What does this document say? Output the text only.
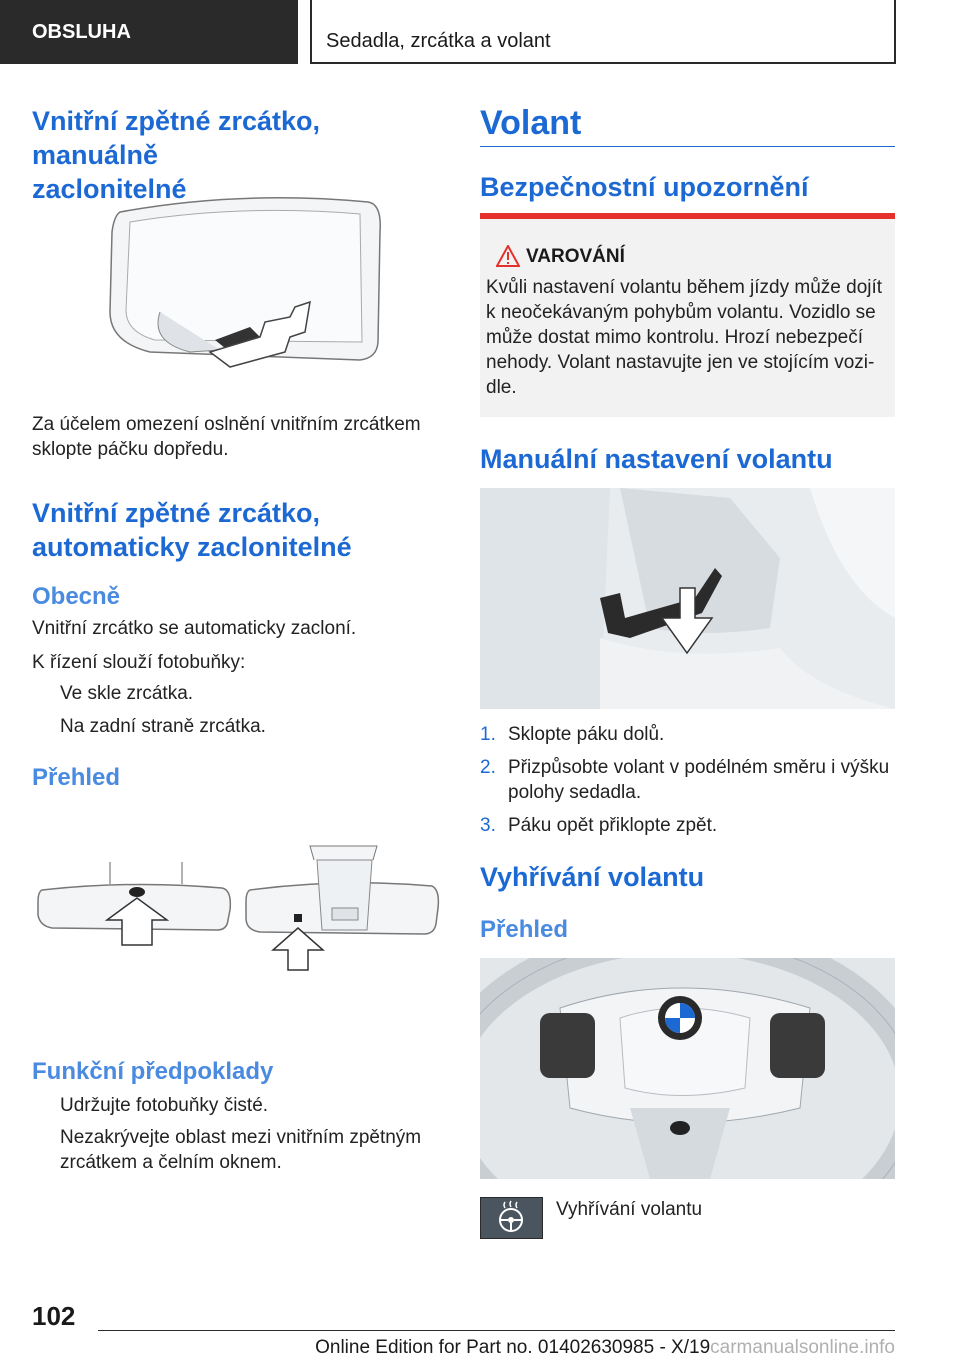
OBSLUHA	Sedadla, zrcátka a volant
Vnitřní zpětné zrcátko, manuálně
zaclonitelné
Za účelem omezení oslnění vnitřním zrcátkem
sklopte páčku dopředu.
Vnitřní zpětné zrcátko,
automaticky zaclonitelné
Obecně
Vnitřní zrcátko se automaticky zacloní.
K řízení slouží fotobuňky:
Ve skle zrcátka.
Na zadní straně zrcátka.
Přehled
Funkční předpoklady
Udržujte fotobuňky čisté.
Nezakrývejte oblast mezi vnitřním zpětným
zrcátkem a čelním oknem.
Volant
Bezpečnostní upozornění
VAROVÁNÍ
Kvůli nastavení volantu během jízdy může dojít
k neočekávaným pohybům volantu. Vozidlo se
může dostat mimo kontrolu. Hrozí nebezpečí
nehody. Volant nastavujte jen ve stojícím vozi-
dle.
Manuální nastavení volantu
1. Sklopte páku dolů.
2. Přizpůsobte volant v podélném směru i výšku
polohy sedadla.
3. Páku opět přiklopte zpět.
Vyhřívání volantu
Přehled
Vyhřívání volantu
102
Online Edition for Part no. 01402630985 - X/19carmanualsonline.info
